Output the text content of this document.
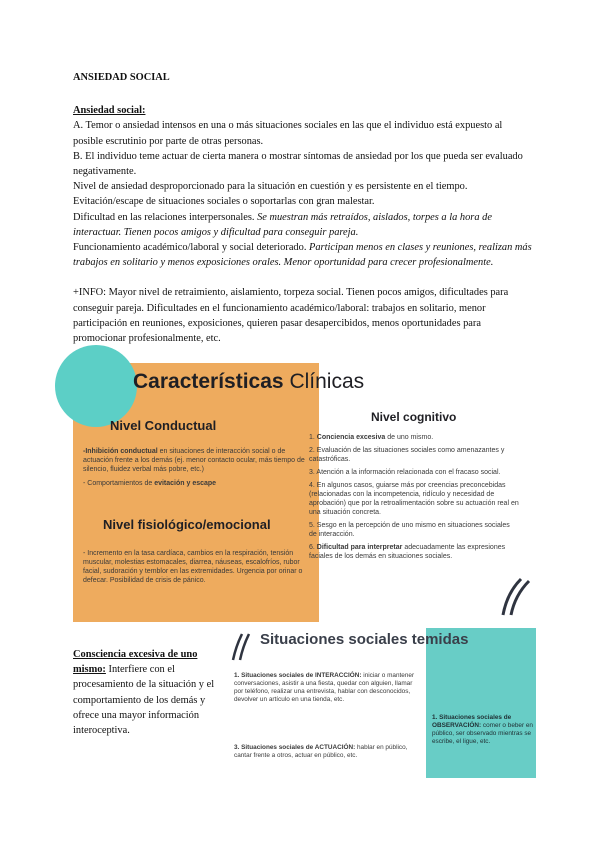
ANSIEDAD SOCIAL
Ansiedad social:
A. Temor o ansiedad intensos en una o más situaciones sociales en las que el individuo está expuesto al posible escrutinio por parte de otras personas.
B. El individuo teme actuar de cierta manera o mostrar síntomas de ansiedad por los que pueda ser evaluado negativamente.
Nivel de ansiedad desproporcionado para la situación en cuestión y es persistente en el tiempo.
Evitación/escape de situaciones sociales o soportarlas con gran malestar.
Dificultad en las relaciones interpersonales. Se muestran más retraídos, aislados, torpes a la hora de interactuar. Tienen pocos amigos y dificultad para conseguir pareja.
Funcionamiento académico/laboral y social deteriorado. Participan menos en clases y reuniones, realizan más trabajos en solitario y menos exposiciones orales. Menor oportunidad para crecer profesionalmente.
+INFO: Mayor nivel de retraimiento, aislamiento, torpeza social. Tienen pocos amigos, dificultades para conseguir pareja. Dificultades en el funcionamiento académico/laboral: trabajos en solitario, menor participación en reuniones, exposiciones, quieren pasar desapercibidos, menos oportunidades para promocionar profesionalmente, etc.
Características Clínicas
Nivel Conductual
-Inhibición conductual en situaciones de interacción social o de actuación frente a los demás (ej. menor contacto ocular, más tiempo de silencio, fluidez verbal más pobre, etc.)
- Comportamientos de evitación y escape
Nivel fisiológico/emocional
- Incremento en la tasa cardíaca, cambios en la respiración, tensión muscular, molestias estomacales, diarrea, náuseas, escalofríos, rubor facial, sudoración y temblor en las extremidades. Urgencia por orinar o defecar. Posibilidad de crisis de pánico.
Nivel cognitivo
1. Conciencia excesiva de uno mismo.
2. Evaluación de las situaciones sociales como amenazantes y catastróficas.
3. Atención a la información relacionada con el fracaso social.
4. En algunos casos, guiarse más por creencias preconcebidas (relacionadas con la incompetencia, ridículo y necesidad de aprobación) que por la retroalimentación sobre su actuación real en una situación concreta.
5. Sesgo en la percepción de uno mismo en situaciones sociales de interacción.
6. Dificultad para interpretar adecuadamente las expresiones faciales de los demás en situaciones sociales.
Consciencia excesiva de uno mismo: Interfiere con el procesamiento de la situación y el comportamiento de los demás y ofrece una mayor información interoceptiva.
Situaciones sociales temidas
1. Situaciones sociales de INTERACCIÓN: iniciar o mantener conversaciones, asistir a una fiesta, quedar con alguien, llamar por teléfono, realizar una entrevista, hablar con desconocidos, devolver un artículo en una tienda, etc.
3. Situaciones sociales de ACTUACIÓN: hablar en público, cantar frente a otros, actuar en público, etc.
1. Situaciones sociales de OBSERVACIÓN: comer o beber en público, ser observado mientras se escribe, el ligue, etc.
